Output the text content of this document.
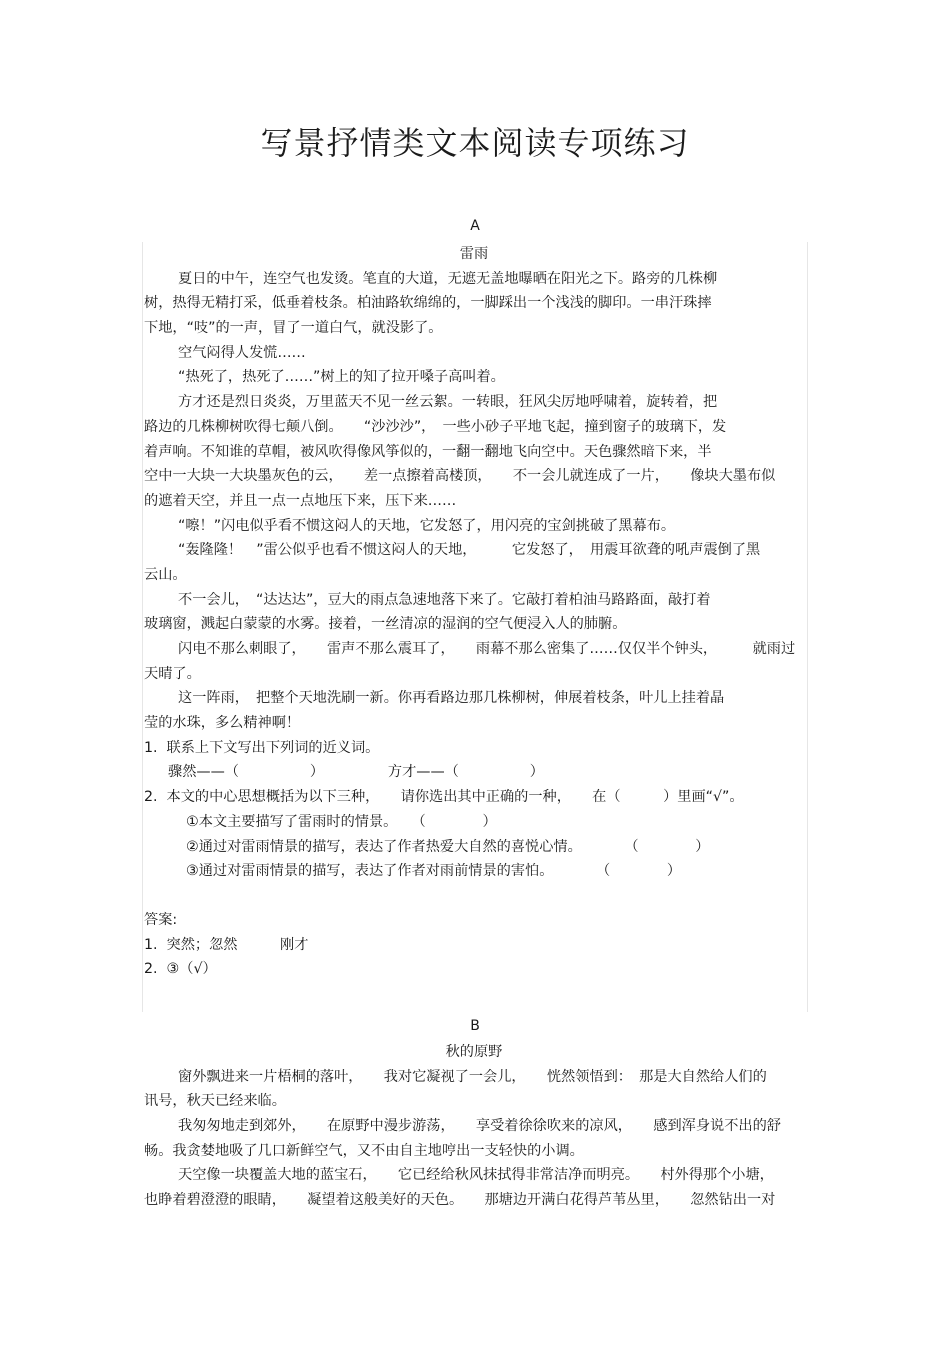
写景抒情类文本阅读专项练习
A
雷雨
夏日的中午，连空气也发烫。笔直的大道，无遮无盖地曝晒在阳光之下。路旁的几株柳
树，热得无精打采，低垂着枝条。柏油路软绵绵的，一脚踩出一个浅浅的脚印。一串汗珠摔
下地，“吱”的一声，冒了一道白气，就没影了。
空气闷得人发慌……
“热死了，热死了……”树上的知了拉开嗓子高叫着。
方才还是烈日炎炎，万里蓝天不见一丝云絮。一转眼，狂风尖厉地呼啸着，旋转着，把
路边的几株柳树吹得七颠八倒。　　“沙沙沙”，　一些小砂子平地飞起，撞到窗子的玻璃下，发
着声响。不知谁的草帽，被风吹得像风筝似的，一翻一翻地飞向空中。天色骤然暗下来，半
空中一大块一大块墨灰色的云，　　差一点擦着高楼顶，　　不一会儿就连成了一片，　　像块大墨布似
的遮着天空，并且一点一点地压下来，压下来……
“嚓！”闪电似乎看不惯这闷人的天地，它发怒了，用闪亮的宝剑挑破了黑幕布。
“轰隆隆！　”雷公似乎也看不惯这闷人的天地，　　　它发怒了，　用震耳欲聋的吼声震倒了黑
云山。
不一会儿，　“达达达”，豆大的雨点急速地落下来了。它敲打着柏油马路路面，敲打着
玻璃窗，溅起白蒙蒙的水雾。接着，一丝清凉的湿润的空气便浸入人的肺腑。
闪电不那么刺眼了，　　雷声不那么震耳了，　　雨幕不那么密集了……仅仅半个钟头，　　　就雨过
天晴了。
这一阵雨，　把整个天地洗刷一新。你再看路边那几株柳树，伸展着枝条，叶儿上挂着晶
莹的水珠，多么精神啊！
1.  联系上下文写出下列词的近义词。
骤然——（　　　　　）　　　　　方才——（　　　　　）
2.  本文的中心思想概括为以下三种，　　请你选出其中正确的一种，　　在（　　　）里画“√”。
①本文主要描写了雷雨时的情景。　　（　　　　）
②通过对雷雨情景的描写，表达了作者热爱大自然的喜悦心情。　　　　（　　　　）
③通过对雷雨情景的描写，表达了作者对雨前情景的害怕。　　　　（　　　　）
答案:
1.  突然；忽然　　　刚才
2.  ③（√）
B
秋的原野
窗外飘进来一片梧桐的落叶，　　我对它凝视了一会儿，　　恍然领悟到：　那是大自然给人们的
讯号，秋天已经来临。
我匆匆地走到郊外，　　在原野中漫步游荡，　　享受着徐徐吹来的凉风，　　感到浑身说不出的舒
畅。我贪婪地吸了几口新鲜空气，又不由自主地哼出一支轻快的小调。
天空像一块覆盖大地的蓝宝石，　　它已经给秋风抹拭得非常洁净而明亮。　　村外得那个小塘，
也睁着碧澄澄的眼睛，　　凝望着这般美好的天色。　　那塘边开满白花得芦苇丛里，　　忽然钻出一对
